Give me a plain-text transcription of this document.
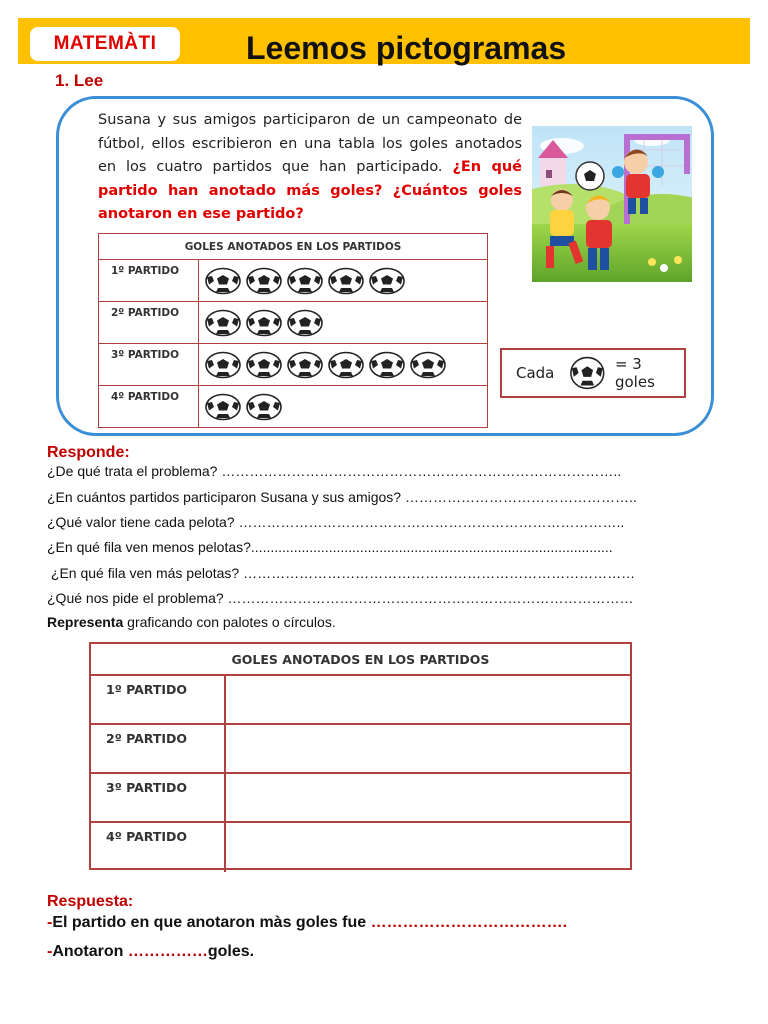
MATEMÀTI	Leemos pictogramas
1. Lee
Susana y sus amigos participaron de un campeonato de fútbol, ellos escribieron en una tabla los goles anotados en los cuatro partidos que han participado. ¿En qué partido han anotado más goles? ¿Cuántos goles anotaron en ese partido?
GOLES ANOTADOS EN LOS PARTIDOS
1º PARTIDO
2º PARTIDO
3º PARTIDO
4º PARTIDO
Cada	= 3 goles
Responde:
¿De qué trata el problema? …………………………………………………………………………..
¿En cuántos partidos participaron Susana y sus amigos? …………………………………………..
¿Qué valor tiene cada pelota? ………………………………………………………………………..
¿En qué fila ven menos pelotas?.............................................................................................
¿En qué fila ven más pelotas? …………………………………………………………………………
¿Qué nos pide el problema? ……………………………………………………………………………
Representa graficando con palotes o círculos.
GOLES ANOTADOS EN LOS PARTIDOS
1º PARTIDO
2º PARTIDO
3º PARTIDO
4º PARTIDO
Respuesta:
-El partido en que anotaron màs goles fue ……………………………….
-Anotaron ……………goles.
